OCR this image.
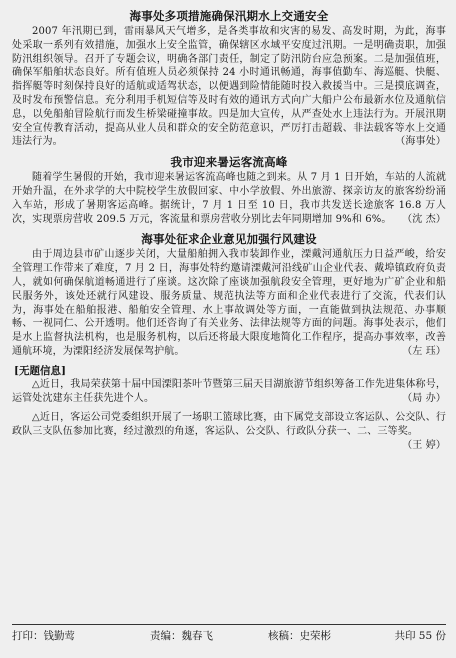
海事处多项措施确保汛期水上交通安全

2007 年汛期已到，雷雨暴风天气增多，是各类事故和灾害的易发、高发时期，为此，海事处采取一系列有效措施，加强水上安全监管，确保辖区水域平安度过汛期。一是明确责职，加强防汛组织领导。召开了专题会议，明确各部门责任，制定了防汛防台应急预案。二是加强值班，确保军船舶状态良好。所有值班人员必须保持 24 小时通讯畅通，海事值勤车、海巡艇、快艇、指挥艇等时刻保持良好的适航或适驾状态，以便遇到险情能随时投入救援当中。三是摸底调查，及时发布预警信息。充分利用手机短信等及时有效的通讯方式向广大船户公布最新水位及通航信息，以免船舶冒险航行而发生桥梁碰撞事故。四是加大宣传，从严查处水上违法行为。开展汛期安全宣传教育活动，提高从业人员和群众的安全防范意识，严厉打击超载、非法载客等水上交通违法行为。	（海事处）

我市迎来暑运客流高峰

随着学生暑假的开始，我市迎来暑运客流高峰也随之到来。从 7 月 1 日开始，车站的人流就开始升温，在外求学的大中院校学生放假回家、中小学放假、外出旅游、探亲访友的旅客纷纷涌入车站，形成了暑期客运高峰。据统计，7 月 1 日至 10 日，我市共发送长途旅客 16.8 万人次，实现票房营收 209.5 万元，客流量和票房营收分别比去年同期增加 9%和 6%。 （沈 杰）

海事处征求企业意见加强行风建设

由于周边县市矿山逐步关闭，大量船舶拥入我市装卸作业，溧戴河通航压力日益严峻，给安全管理工作带来了难度，7 月 2 日，海事处特约邀请溧戴河沿线矿山企业代表、戴埠镇政府负责人，就如何确保航道畅通进行了座谈。这次除了座谈加强航段安全管理，更好地为广矿企业和船民服务外，该处还就行风建设、服务质量、规范执法等方面和企业代表进行了交流，代表们认为，海事处在船舶报港、船舶安全管理、水上事故调处等方面，一直能做到执法规范、办事顺畅、一视同仁、公开透明。他们还咨询了有关业务、法律法规等方面的问题。海事处表示，他们是水上监督执法机构，也是服务机构，以后还将最大限度地简化工作程序，提高办事效率，改善通航环境，为溧阳经济发展保驾护航。	（左 珏）

[无题信息]

△近日，我局荣获第十届中国溧阳茶叶节暨第三届天目湖旅游节组织筹备工作先进集体称号，运管处沈建东主任获先进个人。	（局 办）

△近日，客运公司党委组织开展了一场职工篮球比赛，由下属党支部设立客运队、公交队、行政队三支队伍参加比赛，经过激烈的角逐，客运队、公交队、行政队分获一、二、三等奖。
（王 婷）

打印：钱勤莺	责编：魏春飞	核稿：史荣彬	共印 55 份
